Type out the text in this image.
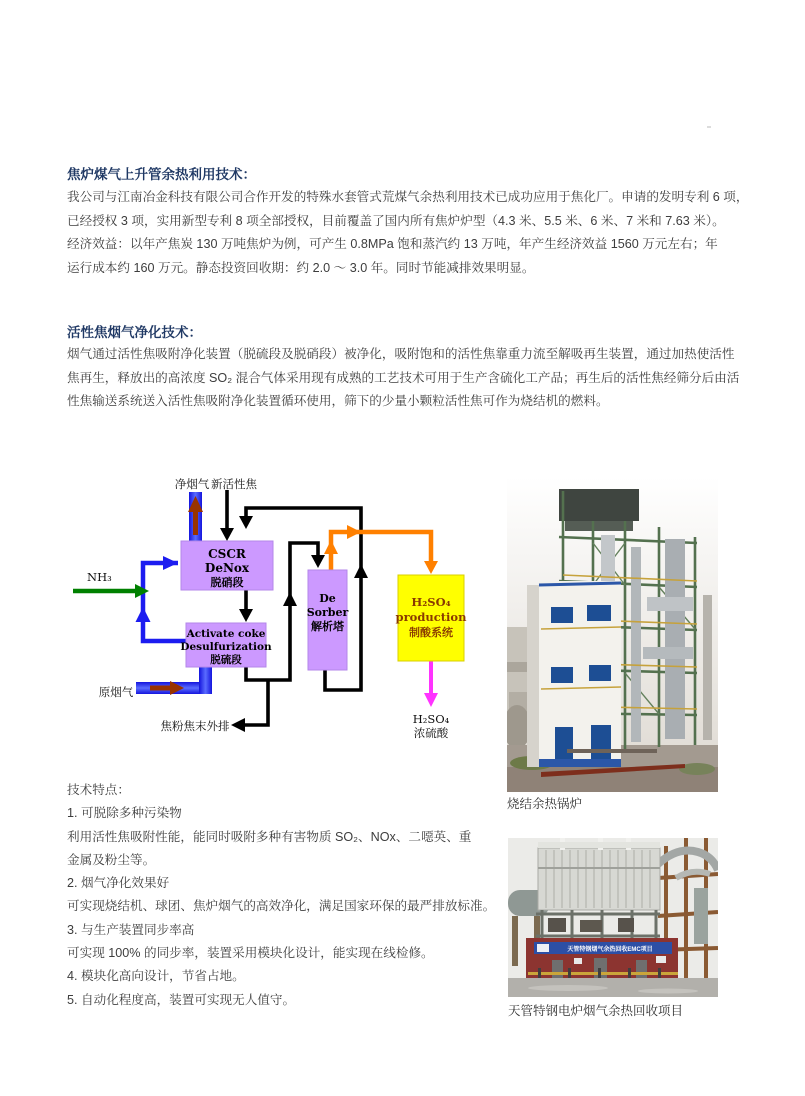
焦炉煤气上升管余热利用技术：
我公司与江南冶金科技有限公司合作开发的特殊水套管式荒煤气余热利用技术已成功应用于焦化厂。申请的发明专利 6 项，
已经授权 3 项，实用新型专利 8 项全部授权，目前覆盖了国内所有焦炉炉型（4.3 米、5.5 米、6 米、7 米和 7.63 米）。
经济效益：以年产焦炭 130 万吨焦炉为例，可产生 0.8MPa 饱和蒸汽约 13 万吨，年产生经济效益 1560 万元左右；年
运行成本约 160 万元。静态投资回收期：约 2.0 ～ 3.0 年。同时节能减排效果明显。
活性焦烟气净化技术：
烟气通过活性焦吸附净化装置（脱硫段及脱硝段）被净化，吸附饱和的活性焦靠重力流至解吸再生装置，通过加热使活性
焦再生，释放出的高浓度 SO₂ 混合气体采用现有成熟的工艺技术可用于生产含硫化工产品；再生后的活性焦经筛分后由活
性焦输送系统送入活性焦吸附净化装置循环使用，筛下的少量小颗粒活性焦可作为烧结机的燃料。
CSCR
DeNox
脱硝段
Activate coke
Desulfurization
脱硫段
De
Sorber
解析塔
H₂SO₄
production
制酸系统
净烟气 新活性焦
NH₃
原烟气
焦粉焦末外排	H₂SO₄
浓硫酸
烧结余热锅炉
天管特钢烟气余热回收EMC项目
天管特钢电炉烟气余热回收项目
技术特点：
1. 可脱除多种污染物
利用活性焦吸附性能，能同时吸附多种有害物质 SO₂、NOx、二噁英、重
金属及粉尘等。
2. 烟气净化效果好
可实现烧结机、球团、焦炉烟气的高效净化，满足国家环保的最严排放标准。
3. 与生产装置同步率高
可实现 100% 的同步率，装置采用模块化设计，能实现在线检修。
4. 模块化高向设计，节省占地。
5. 自动化程度高，装置可实现无人值守。
